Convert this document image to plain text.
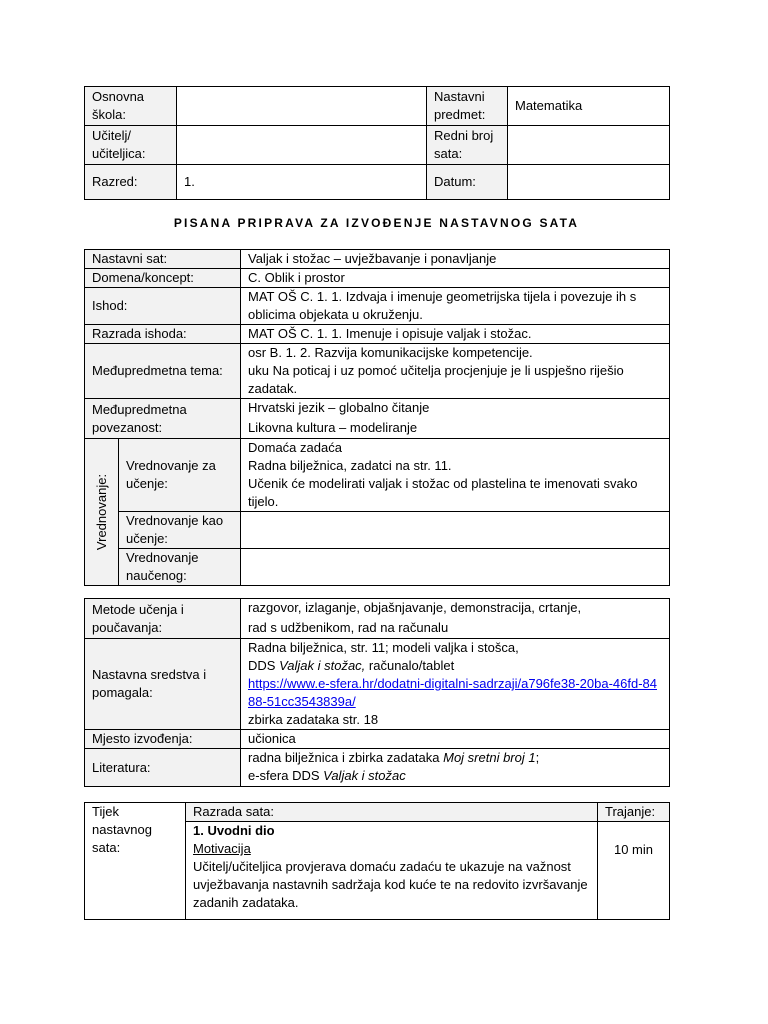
Osnovna škola:		Nastavni predmet:	Matematika
Učitelj/ učiteljica:		Redni broj sata:	
Razred:	1.	Datum:	
PISANA PRIPRAVA ZA IZVOĐENJE NASTAVNOG SATA
Nastavni sat:		Valjak i stožac – uvježbavanje i ponavljanje
Domena/koncept:		C. Oblik i prostor
Ishod:		MAT OŠ C. 1. 1. Izdvaja i imenuje geometrijska tijela i povezuje ih s oblicima objekata u okruženju.
Razrada ishoda:		MAT OŠ C. 1. 1. Imenuje i opisuje valjak i stožac.
Međupredmetna tema:		osr B. 1. 2. Razvija komunikacijske kompetencije.
uku Na poticaj i uz pomoć učitelja procjenjuje je li uspješno riješio zadatak.

Međupredmetna povezanost:		Hrvatski jezik – globalno čitanje
Likovna kultura – modeliranje

Vrednovanje:	Vrednovanje za učenje:	Domaća zadaća
Radna bilježnica, zadatci na str. 11.
Učenik će modelirati valjak i stožac od plastelina te imenovati svako tijelo.

	Vrednovanje kao učenje:	
	Vrednovanje naučenog:	
Metode učenja i poučavanja:	razgovor, izlaganje, objašnjavanje, demonstracija, crtanje,
rad s udžbenikom, rad na računalu

Nastavna sredstva i pomagala:	Radna bilježnica, str. 11; modeli valjka i stošca,
DDS Valjak i stožac, računalo/tablet
https://www.e-sfera.hr/dodatni-digitalni-sadrzaji/a796fe38-20ba-46fd-8488-51cc3543839a/
zbirka zadataka str. 18

Mjesto izvođenja:	učionica
Literatura:	radna bilježnica i zbirka zadataka Moj sretni broj 1;
e-sfera DDS Valjak i stožac
Tijek nastavnog sata:	Razrada sata:	Trajanje:

	1. Uvodni dio
Motivacija
Učitelj/učiteljica provjerava domaću zadaću te ukazuje na važnost uvježbavanja nastavnih sadržaja kod kuće te na redovito izvršavanje zadanih zadataka.	10 min
